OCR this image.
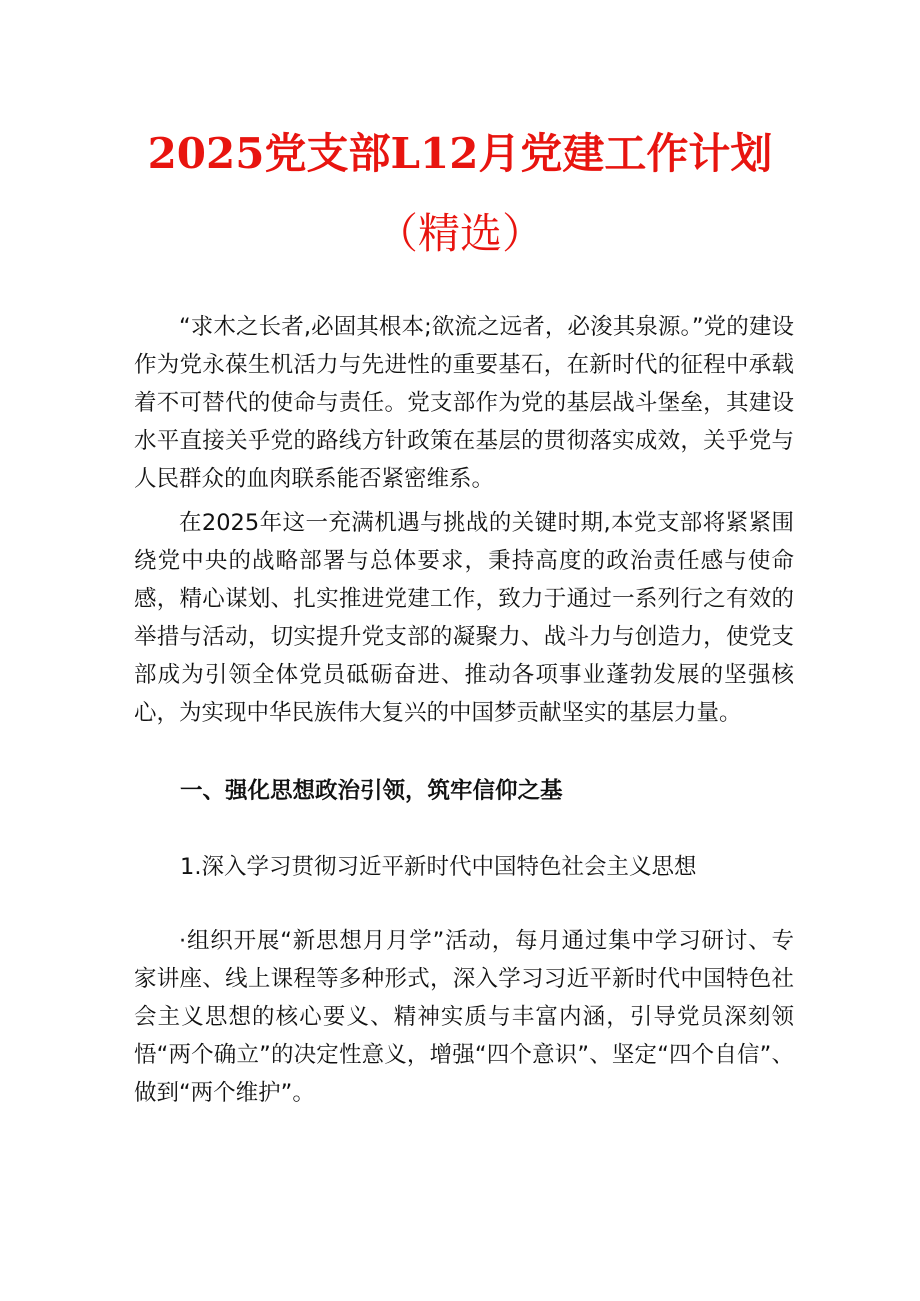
2025党支部L12月党建工作计划
（精选）

“求木之长者,必固其根本;欲流之远者，必浚其泉源。”党的建设作为党永葆生机活力与先进性的重要基石，在新时代的征程中承载着不可替代的使命与责任。党支部作为党的基层战斗堡垒，其建设水平直接关乎党的路线方针政策在基层的贯彻落实成效，关乎党与人民群众的血肉联系能否紧密维系。

在2025年这一充满机遇与挑战的关键时期,本党支部将紧紧围绕党中央的战略部署与总体要求，秉持高度的政治责任感与使命感，精心谋划、扎实推进党建工作，致力于通过一系列行之有效的举措与活动，切实提升党支部的凝聚力、战斗力与创造力，使党支部成为引领全体党员砥砺奋进、推动各项事业蓬勃发展的坚强核心，为实现中华民族伟大复兴的中国梦贡献坚实的基层力量。

一、强化思想政治引领，筑牢信仰之基

1.深入学习贯彻习近平新时代中国特色社会主义思想

·组织开展“新思想月月学”活动，每月通过集中学习研讨、专家讲座、线上课程等多种形式，深入学习习近平新时代中国特色社会主义思想的核心要义、精神实质与丰富内涵，引导党员深刻领悟“两个确立”的决定性意义，增强“四个意识”、坚定“四个自信”、做到“两个维护”。
